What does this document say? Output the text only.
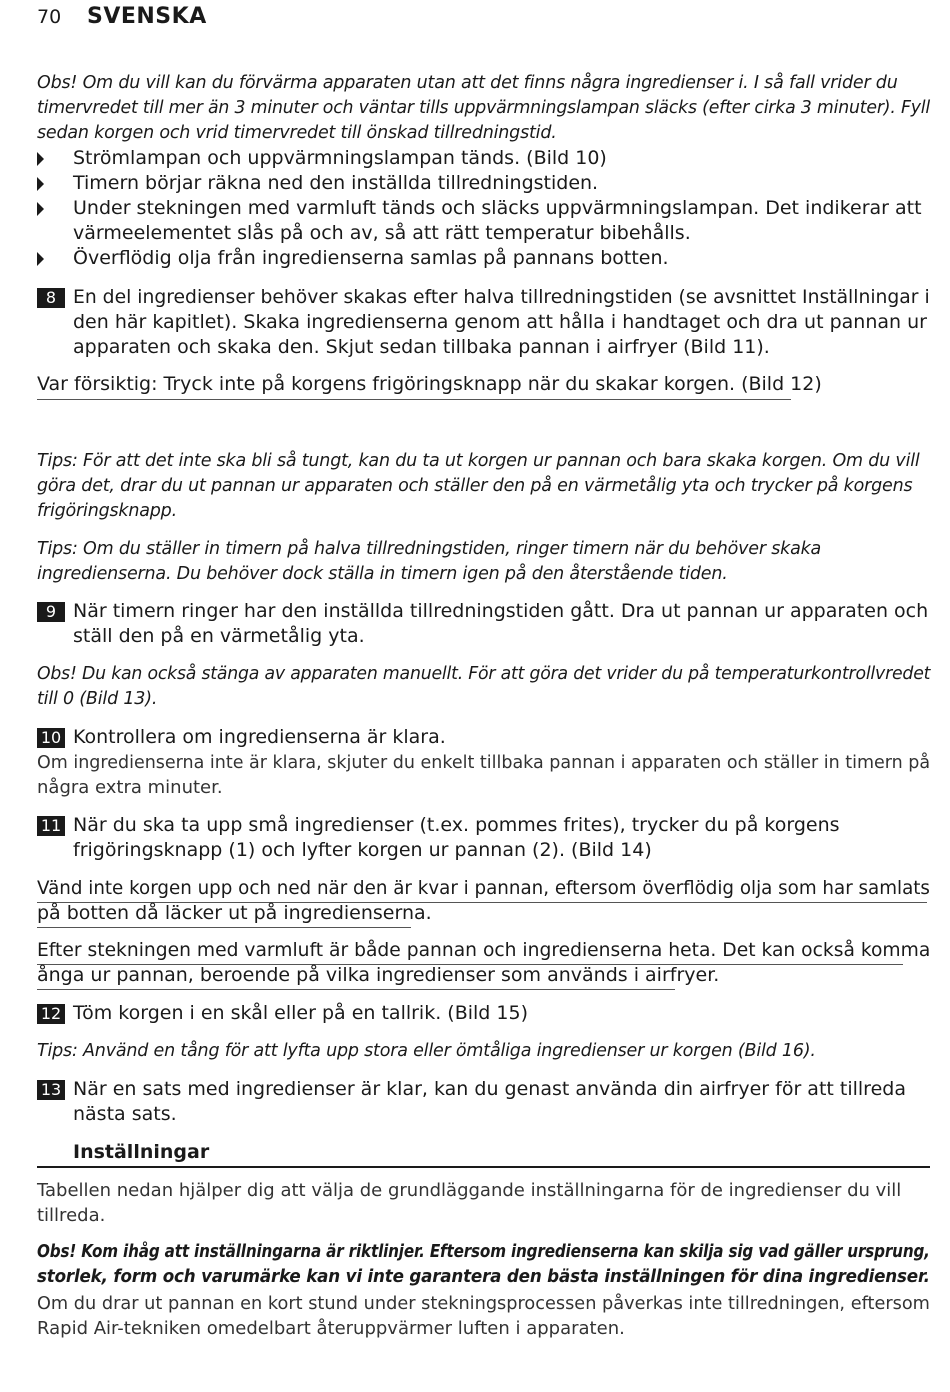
70 SVENSKA
Obs! Om du vill kan du förvärma apparaten utan att det finns några ingredienser i. I så fall vrider du
timervredet till mer än 3 minuter och väntar tills uppvärmningslampan släcks (efter cirka 3 minuter). Fyll
sedan korgen och vrid timervredet till önskad tillredningstid.
Strömlampan och uppvärmningslampan tänds. (Bild 10)
Timern börjar räkna ned den inställda tillredningstiden.
Under stekningen med varmluft tänds och släcks uppvärmningslampan. Det indikerar att
värmeelementet slås på och av, så att rätt temperatur bibehålls.
Överflödig olja från ingredienserna samlas på pannans botten.
8 En del ingredienser behöver skakas efter halva tillredningstiden (se avsnittet Inställningar i
den här kapitlet). Skaka ingredienserna genom att hålla i handtaget och dra ut pannan ur
apparaten och skaka den. Skjut sedan tillbaka pannan i airfryer (Bild 11).
Var försiktig: Tryck inte på korgens frigöringsknapp när du skakar korgen. (Bild 12)
Tips: För att det inte ska bli så tungt, kan du ta ut korgen ur pannan och bara skaka korgen. Om du vill
göra det, drar du ut pannan ur apparaten och ställer den på en värmetålig yta och trycker på korgens
frigöringsknapp.
Tips: Om du ställer in timern på halva tillredningstiden, ringer timern när du behöver skaka
ingredienserna. Du behöver dock ställa in timern igen på den återstående tiden.
9 När timern ringer har den inställda tillredningstiden gått. Dra ut pannan ur apparaten och
ställ den på en värmetålig yta.
Obs! Du kan också stänga av apparaten manuellt. För att göra det vrider du på temperaturkontrollvredet
till 0 (Bild 13).
10 Kontrollera om ingredienserna är klara.
Om ingredienserna inte är klara, skjuter du enkelt tillbaka pannan i apparaten och ställer in timern på
några extra minuter.
11 När du ska ta upp små ingredienser (t.ex. pommes frites), trycker du på korgens
frigöringsknapp (1) och lyfter korgen ur pannan (2). (Bild 14)
Vänd inte korgen upp och ned när den är kvar i pannan, eftersom överflödig olja som har samlats
på botten då läcker ut på ingredienserna.
Efter stekningen med varmluft är både pannan och ingredienserna heta. Det kan också komma
ånga ur pannan, beroende på vilka ingredienser som används i airfryer.
12 Töm korgen i en skål eller på en tallrik. (Bild 15)
Tips: Använd en tång för att lyfta upp stora eller ömtåliga ingredienser ur korgen (Bild 16).
13 När en sats med ingredienser är klar, kan du genast använda din airfryer för att tillreda
nästa sats.
Inställningar
Tabellen nedan hjälper dig att välja de grundläggande inställningarna för de ingredienser du vill
tillreda.
Obs! Kom ihåg att inställningarna är riktlinjer. Eftersom ingredienserna kan skilja sig vad gäller ursprung,
storlek, form och varumärke kan vi inte garantera den bästa inställningen för dina ingredienser.
Om du drar ut pannan en kort stund under stekningsprocessen påverkas inte tillredningen, eftersom
Rapid Air-tekniken omedelbart återuppvärmer luften i apparaten.
